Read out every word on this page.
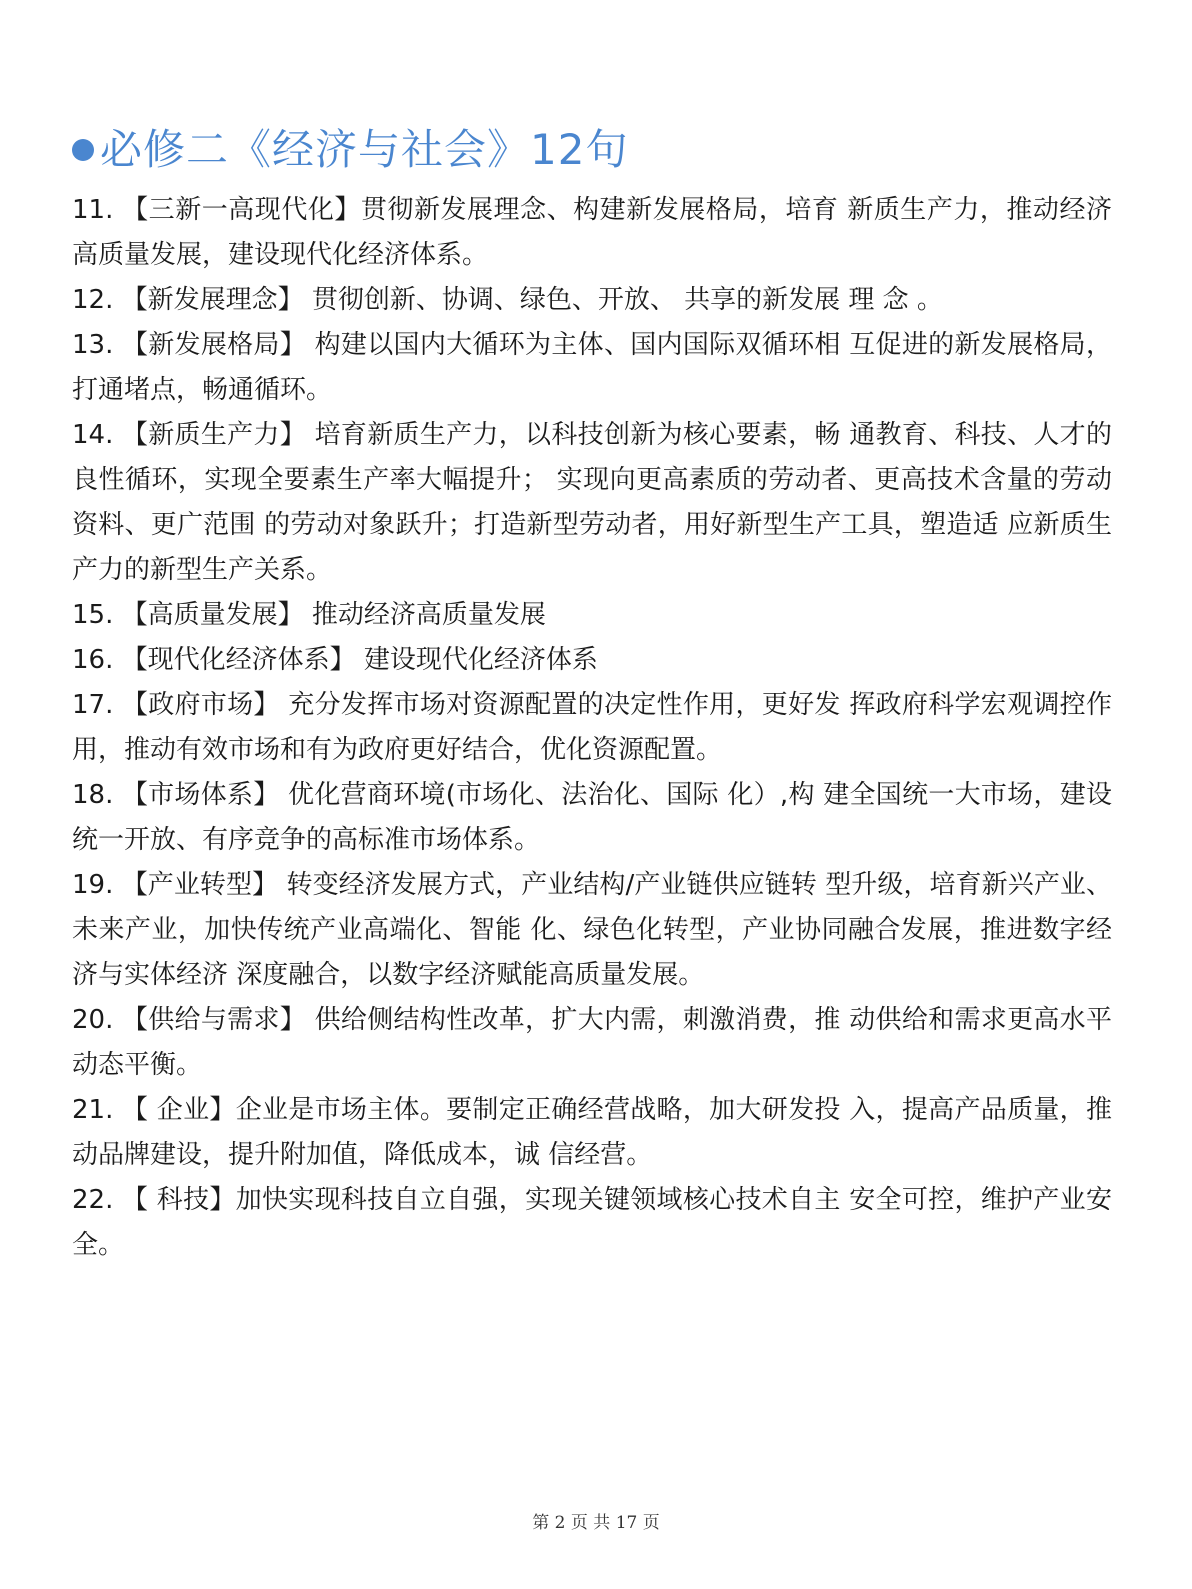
必修二《经济与社会》12句

11. 【三新一高现代化】贯彻新发展理念、构建新发展格局，培育 新质生产力，推动经济高质量发展，建设现代化经济体系。

12. 【新发展理念】 贯彻创新、协调、绿色、开放、 共享的新发展 理 念 。

13. 【新发展格局】 构建以国内大循环为主体、国内国际双循环相 互促进的新发展格局，打通堵点，畅通循环。

14. 【新质生产力】 培育新质生产力，以科技创新为核心要素，畅 通教育、科技、人才的良性循环，实现全要素生产率大幅提升； 实现向更高素质的劳动者、更高技术含量的劳动资料、更广范围 的劳动对象跃升；打造新型劳动者，用好新型生产工具，塑造适 应新质生产力的新型生产关系。

15. 【高质量发展】 推动经济高质量发展

16. 【现代化经济体系】 建设现代化经济体系

17. 【政府市场】 充分发挥市场对资源配置的决定性作用，更好发 挥政府科学宏观调控作用，推动有效市场和有为政府更好结合，优化资源配置。

18. 【市场体系】 优化营商环境(市场化、法治化、国际 化）,构 建全国统一大市场，建设统一开放、有序竞争的高标准市场体系。

19. 【产业转型】 转变经济发展方式，产业结构/产业链供应链转 型升级，培育新兴产业、未来产业，加快传统产业高端化、智能 化、绿色化转型，产业协同融合发展，推进数字经济与实体经济 深度融合，以数字经济赋能高质量发展。

20. 【供给与需求】 供给侧结构性改革，扩大内需，刺激消费，推 动供给和需求更高水平动态平衡。

21. 【 企业】企业是市场主体。要制定正确经营战略，加大研发投 入，提高产品质量，推动品牌建设，提升附加值，降低成本，诚 信经营。

22. 【 科技】加快实现科技自立自强，实现关键领域核心技术自主 安全可控，维护产业安全。

第 2 页 共 17 页
